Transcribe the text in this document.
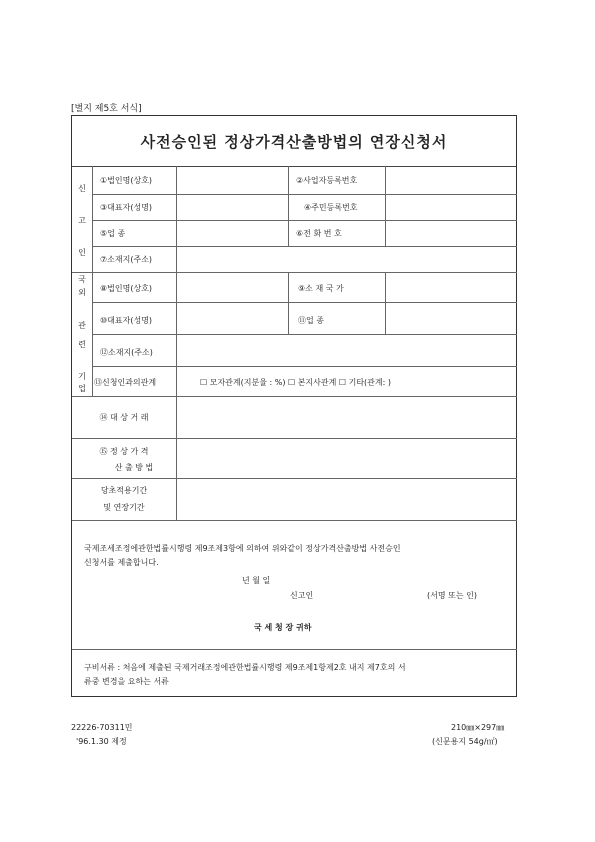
[별지 제5호 서식]
사전승인된 정상가격산출방법의 연장신청서
신
고
인
국
외
관
련
기
업
①법인명(상호)	②사업자등록번호
③대표자(성명)	④주민등록번호
⑤업 종	⑥전 화 번 호
⑦소재지(주소)
⑧법인명(상호)	⑨소 재 국 가
⑩대표자(성명)	⑪업 종
⑫소재지(주소)
⑬신청인과의관계	☐ 모자관계(지분율 : %) ☐ 본지사관계 ☐ 기타(관계: )
⑭ 대 상 거 래
⑮ 정 상 가 격
산 출 방 법
당초적용기간
및 연장기간
국제조세조정에관한법률시행령 제9조제3항에 의하여 위와같이 정상가격산출방법 사전승인
신청서를 제출합니다.
년 월 일
신고인	(서명 또는 인)
국 세 청 장 귀하
구비서류 : 처음에 제출된 국제거래조정에관한법률시행령 제9조제1항제2호 내지 제7호의 서
류중 변경을 요하는 서류
22226-70311민
'96.1.30 제정
210㎜×297㎜
(신문용지 54g/㎡)
